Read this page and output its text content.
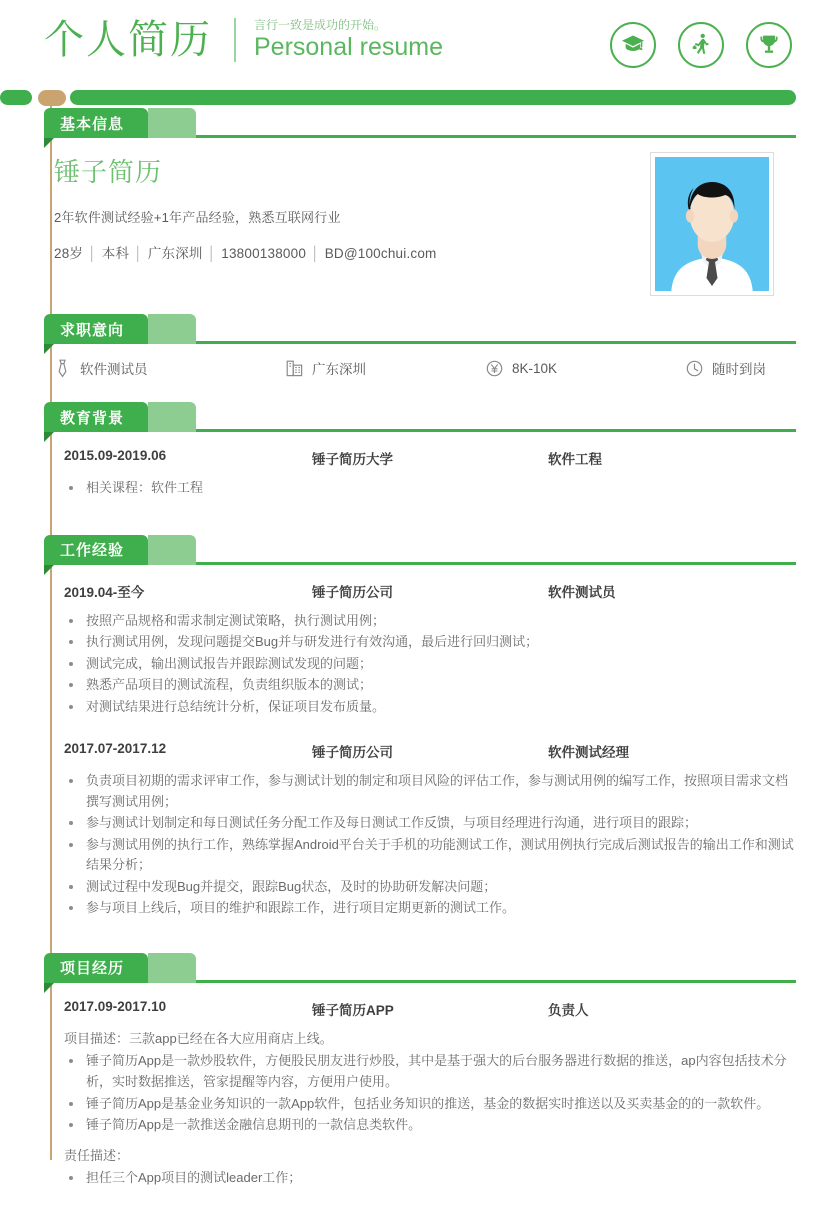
个人简历	言行一致是成功的开始。
Personal resume
基本信息
锤子简历
2年软件测试经验+1年产品经验，熟悉互联网行业
28岁 │ 本科 │ 广东深圳 │ 13800138000 │ BD@100chui.com
求职意向
软件测试员	广东深圳	8K-10K	随时到岗
教育背景
2015.09-2019.06	锤子简历大学	软件工程
相关课程：软件工程
工作经验
2019.04-至今	锤子简历公司	软件测试员
按照产品规格和需求制定测试策略，执行测试用例；
执行测试用例，发现问题提交Bug并与研发进行有效沟通，最后进行回归测试；
测试完成，输出测试报告并跟踪测试发现的问题；
熟悉产品项目的测试流程，负责组织版本的测试；
对测试结果进行总结统计分析，保证项目发布质量。
2017.07-2017.12	锤子简历公司	软件测试经理
负责项目初期的需求评审工作，参与测试计划的制定和项目风险的评估工作，参与测试用例的编写工作，按照项目需求文档撰写测试用例；
参与测试计划制定和每日测试任务分配工作及每日测试工作反馈，与项目经理进行沟通，进行项目的跟踪；
参与测试用例的执行工作，熟练掌握Android平台关于手机的功能测试工作，测试用例执行完成后测试报告的输出工作和测试结果分析；
测试过程中发现Bug并提交，跟踪Bug状态，及时的协助研发解决问题；
参与项目上线后，项目的维护和跟踪工作，进行项目定期更新的测试工作。
项目经历
2017.09-2017.10	锤子简历APP	负责人
项目描述：三款app已经在各大应用商店上线。
锤子简历App是一款炒股软件，方便股民朋友进行炒股，其中是基于强大的后台服务器进行数据的推送，ap内容包括技术分析，实时数据推送，管家提醒等内容，方便用户使用。
锤子简历App是基金业务知识的一款App软件，包括业务知识的推送，基金的数据实时推送以及买卖基金的的一款软件。
锤子简历App是一款推送金融信息期刊的一款信息类软件。
责任描述：
担任三个App项目的测试leader工作；
